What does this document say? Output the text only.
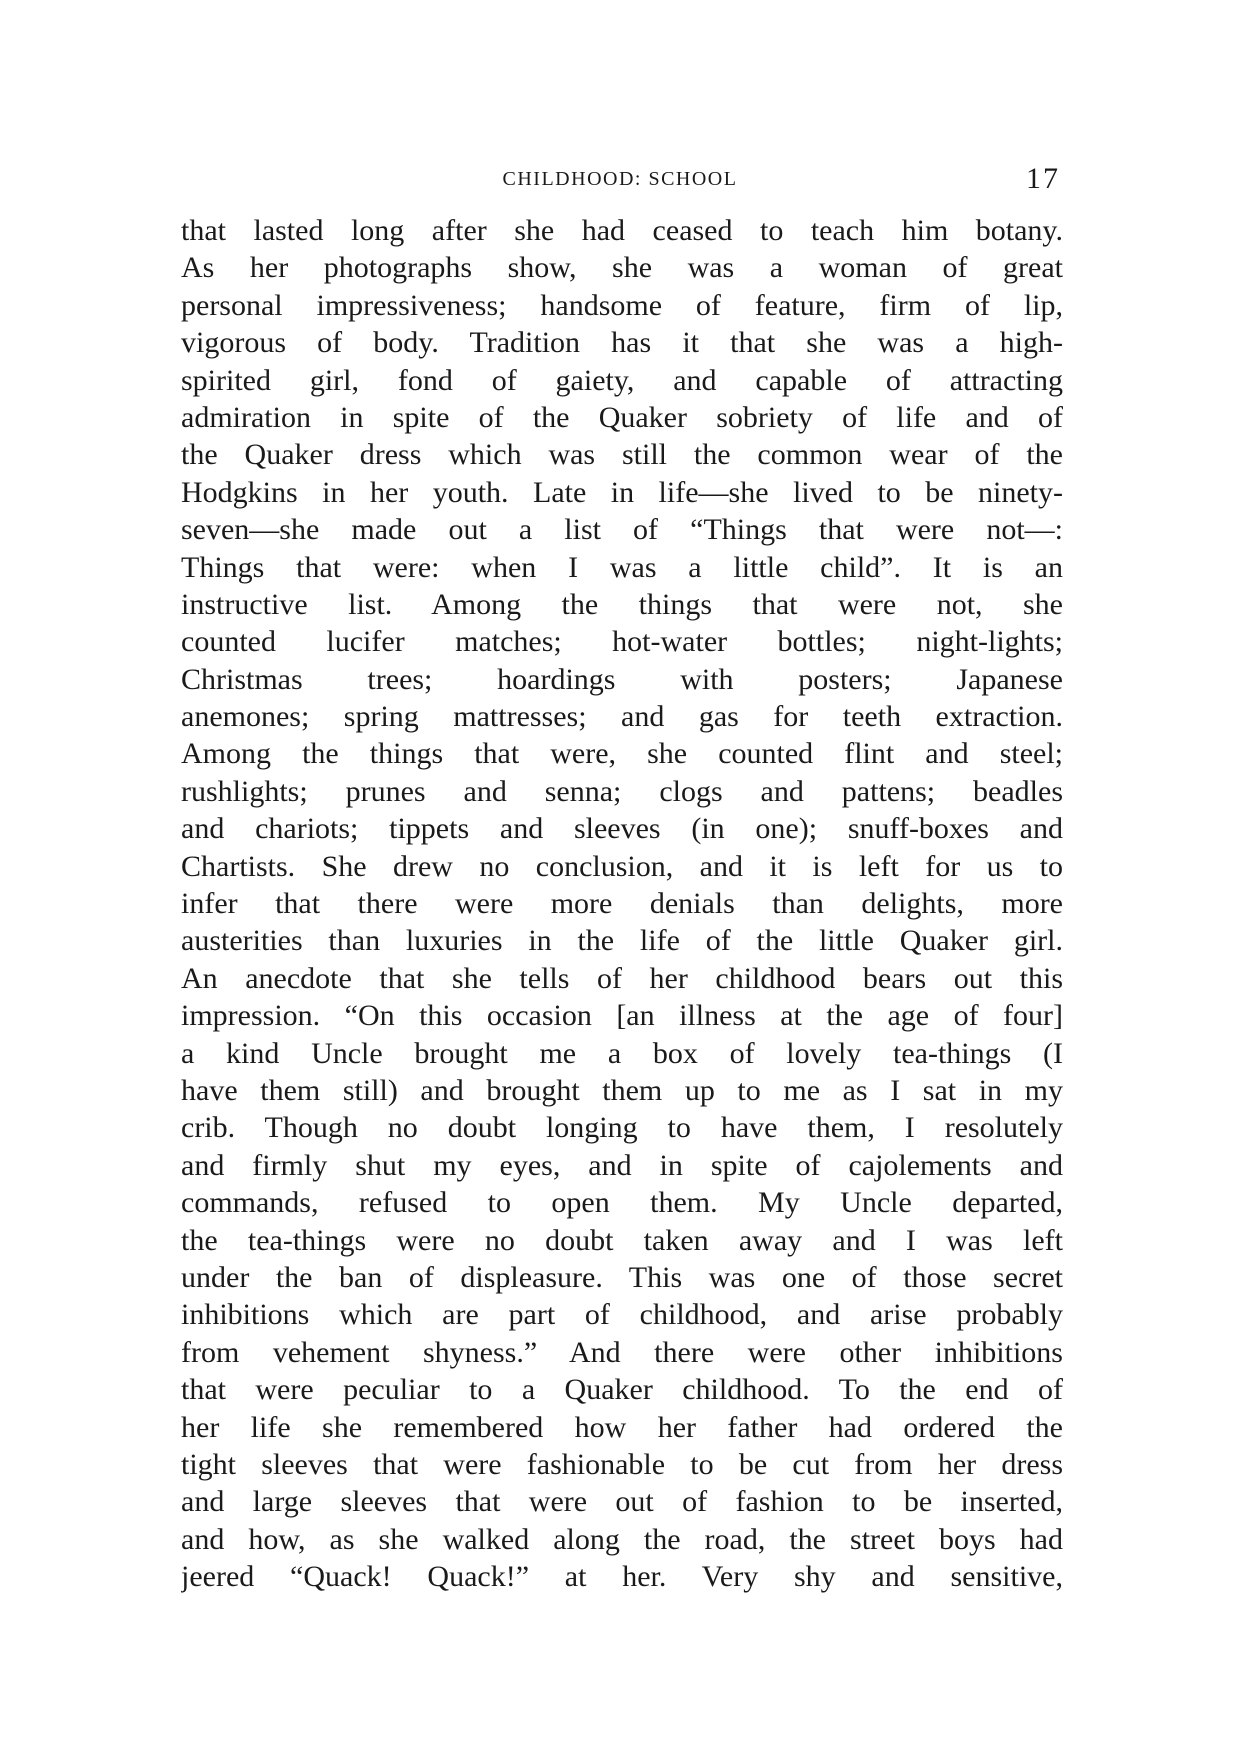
CHILDHOOD: SCHOOL	17
that lasted long after she had ceased to teach him botany.
As her photographs show, she was a woman of great
personal impressiveness; handsome of feature, firm of lip,
vigorous of body. Tradition has it that she was a high-
spirited girl, fond of gaiety, and capable of attracting
admiration in spite of the Quaker sobriety of life and of
the Quaker dress which was still the common wear of the
Hodgkins in her youth. Late in life—she lived to be ninety-
seven—she made out a list of “Things that were not—:
Things that were: when I was a little child”. It is an
instructive list. Among the things that were not, she
counted lucifer matches; hot-water bottles; night-lights;
Christmas trees; hoardings with posters; Japanese
anemones; spring mattresses; and gas for teeth extraction.
Among the things that were, she counted flint and steel;
rushlights; prunes and senna; clogs and pattens; beadles
and chariots; tippets and sleeves (in one); snuff-boxes and
Chartists. She drew no conclusion, and it is left for us to
infer that there were more denials than delights, more
austerities than luxuries in the life of the little Quaker girl.
An anecdote that she tells of her childhood bears out this
impression. “On this occasion [an illness at the age of four]
a kind Uncle brought me a box of lovely tea-things (I
have them still) and brought them up to me as I sat in my
crib. Though no doubt longing to have them, I resolutely
and firmly shut my eyes, and in spite of cajolements and
commands, refused to open them. My Uncle departed,
the tea-things were no doubt taken away and I was left
under the ban of displeasure. This was one of those secret
inhibitions which are part of childhood, and arise probably
from vehement shyness.” And there were other inhibitions
that were peculiar to a Quaker childhood. To the end of
her life she remembered how her father had ordered the
tight sleeves that were fashionable to be cut from her dress
and large sleeves that were out of fashion to be inserted,
and how, as she walked along the road, the street boys had
jeered “Quack! Quack!” at her. Very shy and sensitive,
